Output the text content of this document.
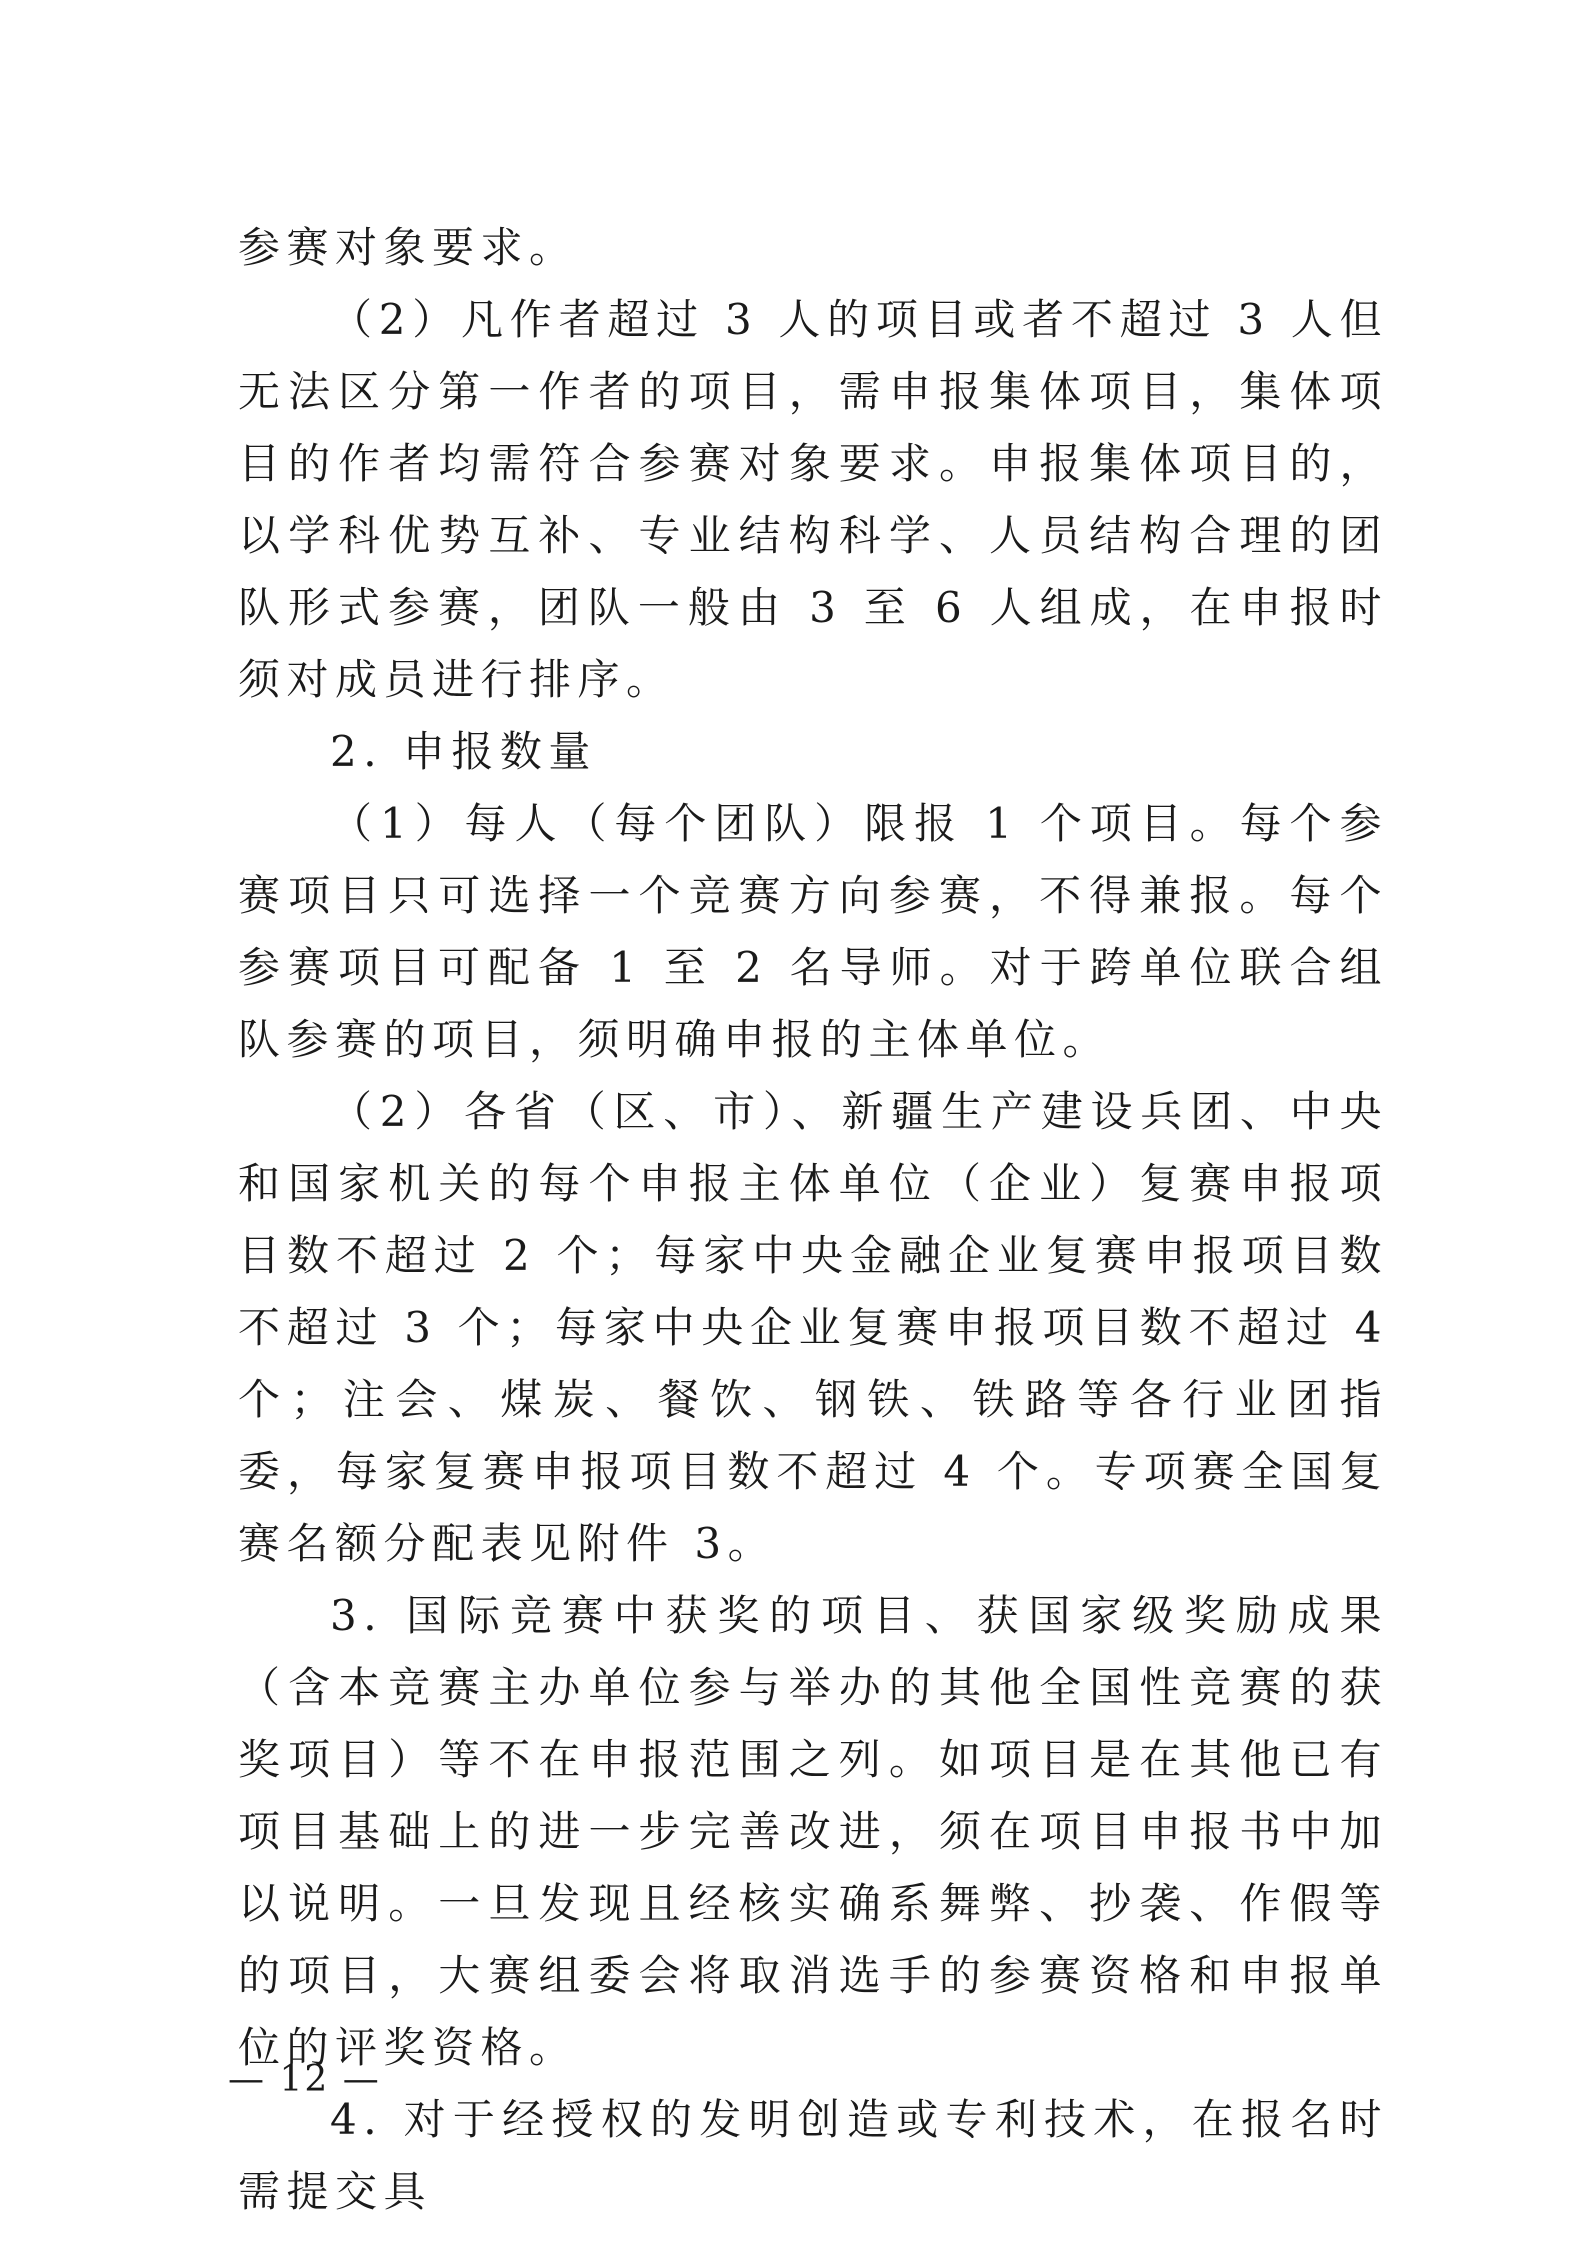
参赛对象要求。

（2）凡作者超过 3 人的项目或者不超过 3 人但无法区分第一作者的项目，需申报集体项目，集体项目的作者均需符合参赛对象要求。申报集体项目的，以学科优势互补、专业结构科学、人员结构合理的团队形式参赛，团队一般由 3 至 6 人组成，在申报时须对成员进行排序。

2. 申报数量

（1）每人（每个团队）限报 1 个项目。每个参赛项目只可选择一个竞赛方向参赛，不得兼报。每个参赛项目可配备 1 至 2 名导师。对于跨单位联合组队参赛的项目，须明确申报的主体单位。

（2）各省（区、市）、新疆生产建设兵团、中央和国家机关的每个申报主体单位（企业）复赛申报项目数不超过 2 个；每家中央金融企业复赛申报项目数不超过 3 个；每家中央企业复赛申报项目数不超过 4 个；注会、煤炭、餐饮、钢铁、铁路等各行业团指委，每家复赛申报项目数不超过 4 个。专项赛全国复赛名额分配表见附件 3。

3. 国际竞赛中获奖的项目、获国家级奖励成果（含本竞赛主办单位参与举办的其他全国性竞赛的获奖项目）等不在申报范围之列。如项目是在其他已有项目基础上的进一步完善改进，须在项目申报书中加以说明。一旦发现且经核实确系舞弊、抄袭、作假等的项目，大赛组委会将取消选手的参赛资格和申报单位的评奖资格。

4. 对于经授权的发明创造或专利技术，在报名时需提交具

— 12 —
